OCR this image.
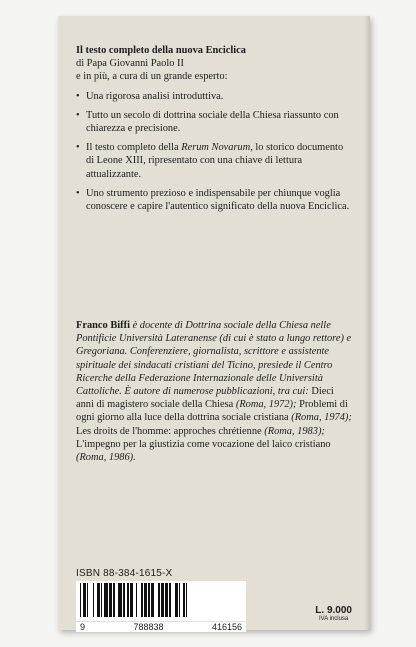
Il testo completo della nuova Enciclica
di Papa Giovanni Paolo II
e in più, a cura di un grande esperto:
• Una rigorosa analisi introduttiva.
• Tutto un secolo di dottrina sociale della Chiesa riassunto con chiarezza e precisione.
• Il testo completo della Rerum Novarum, lo storico documento di Leone XIII, ripresentato con una chiave di lettura attualizzante.
• Uno strumento prezioso e indispensabile per chiunque voglia conoscere e capire l'autentico significato della nuova Enciclica.
Franco Biffi è docente di Dottrina sociale della Chiesa nelle Pontificie Università Lateranense (di cui è stato a lungo rettore) e Gregoriana. Conferenziere, giornalista, scrittore e assistente spirituale dei sindacati cristiani del Ticino, presiede il Centro Ricerche della Federazione Internazionale delle Università Cattoliche. È autore di numerose pubblicazioni, tra cui: Dieci anni di magistero sociale della Chiesa (Roma, 1972); Problemi di ogni giorno alla luce della dottrina sociale cristiana (Roma, 1974); Les droits de l'homme: approches chrétienne (Roma, 1983); L'impegno per la giustizia come vocazione del laico cristiano (Roma, 1986).
ISBN 88-384-1615-X
9	788838	416156
L. 9.000
IVA inclusa
